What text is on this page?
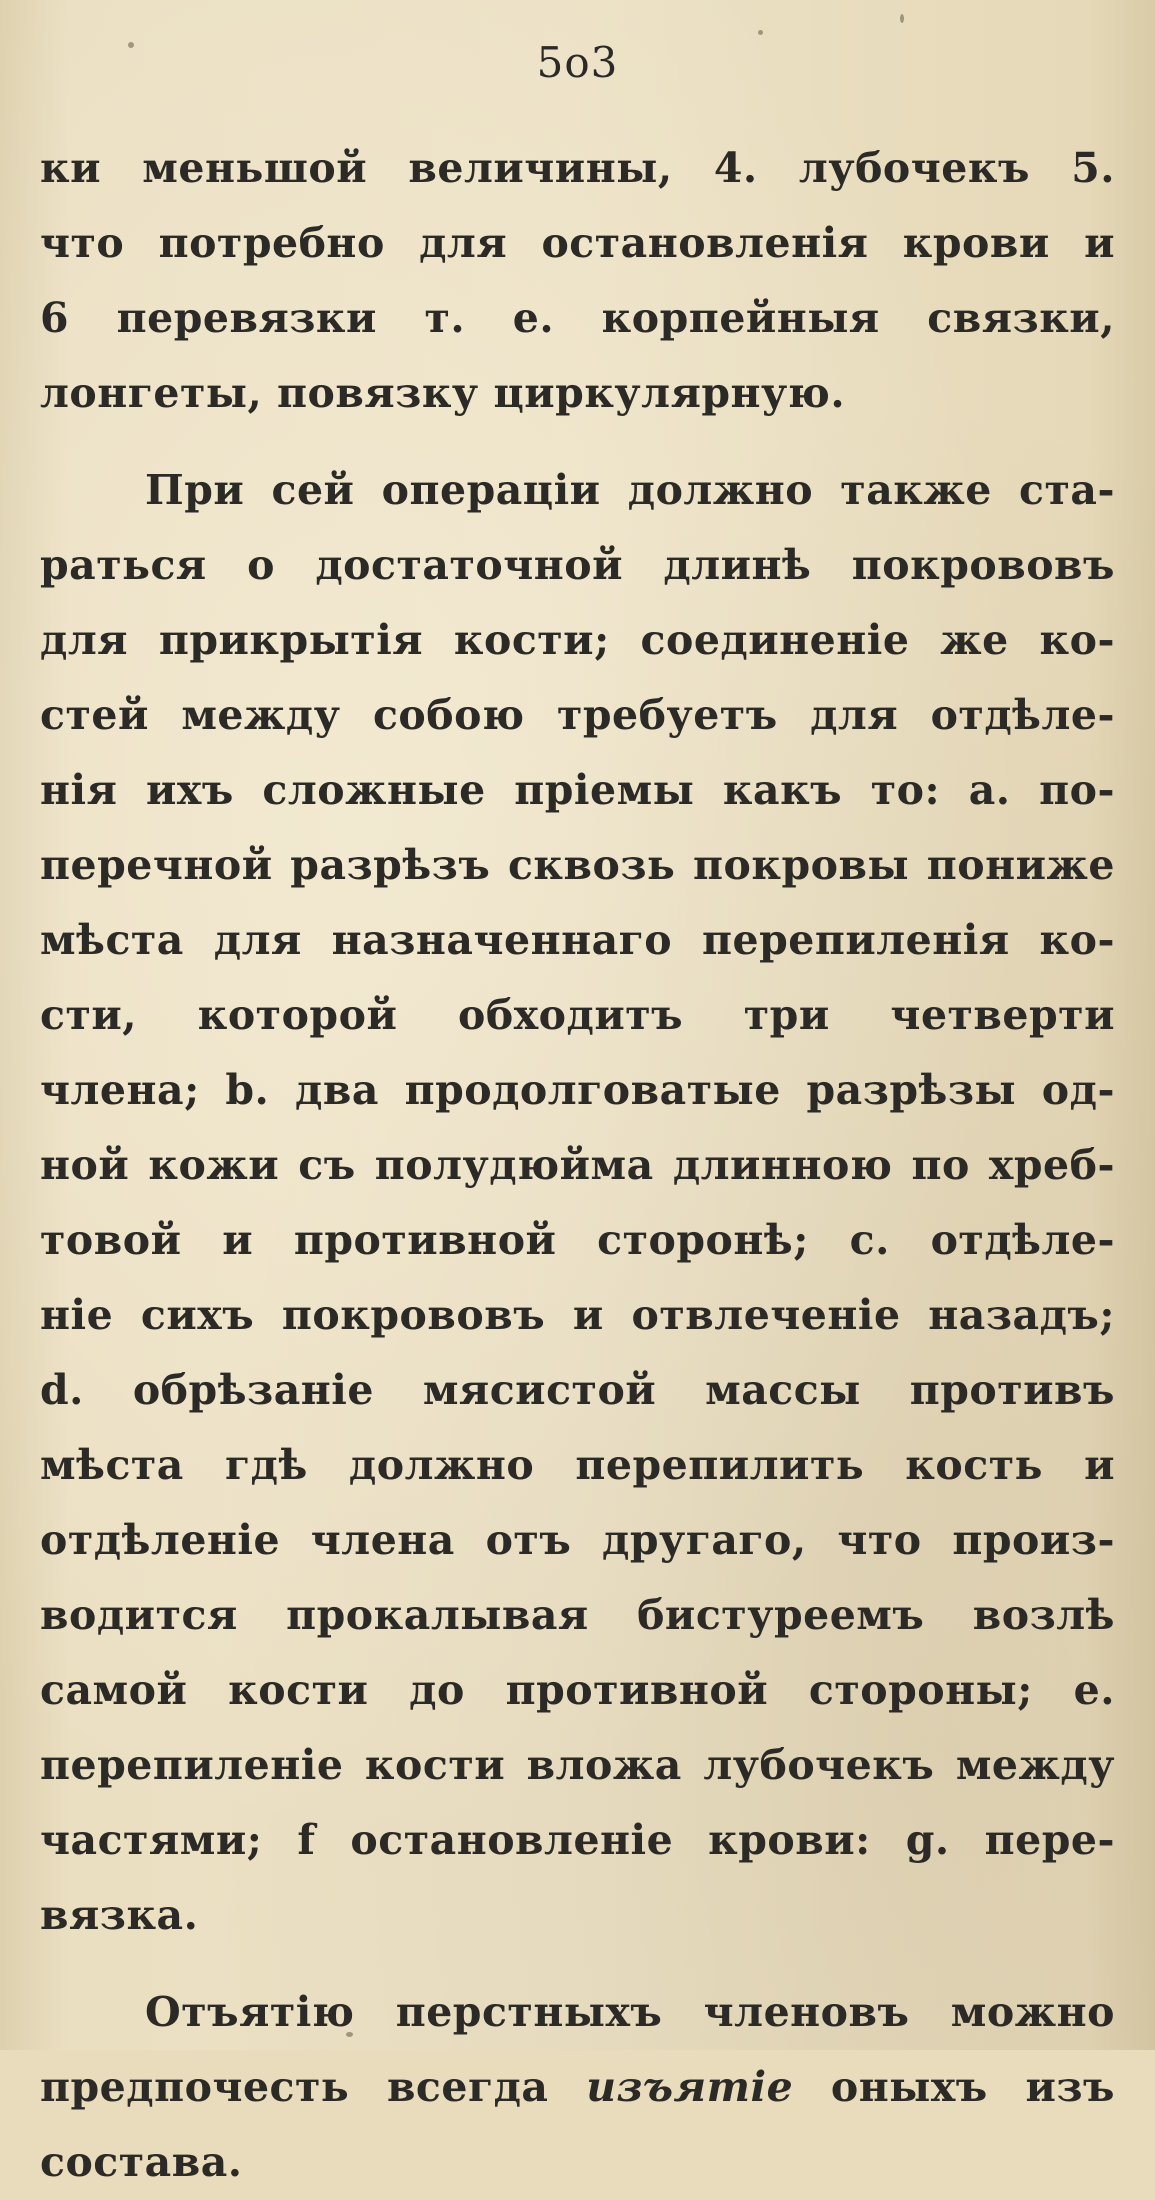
5o3
ки меньшой величины, 4. лубочекъ 5.
что потребно для остановленія крови и
6 перевязки т. е. корпейныя связки,
лонгеты, повязку циркулярную.
При сей операціи должно также ста-
раться о достаточной длинѣ покрововъ
для прикрытія кости; соединеніе же ко-
стей между собою требуетъ для отдѣле-
нія ихъ сложные пріемы какъ то: а. по-
перечной разрѣзъ сквозь покровы пониже
мѣста для назначеннаго перепиленія ко-
сти, которой обходитъ три четверти
члена; b. два продолговатые разрѣзы од-
ной кожи съ полудюйма длинною по хреб-
товой и противной сторонѣ; c. отдѣле-
ніе сихъ покрововъ и отвлеченіе назадъ;
d. обрѣзаніе мясистой массы противъ
мѣста гдѣ должно перепилить кость и
отдѣленіе члена отъ другаго, что произ-
водится прокалывая бистуреемъ возлѣ
самой кости до противной стороны; e.
перепиленіе кости вложа лубочекъ между
частями; f остановленіе крови: g. пере-
вязка.
Отъятію перстныхъ членовъ можно
предпочесть всегда изъятіе оныхъ изъ
состава.
